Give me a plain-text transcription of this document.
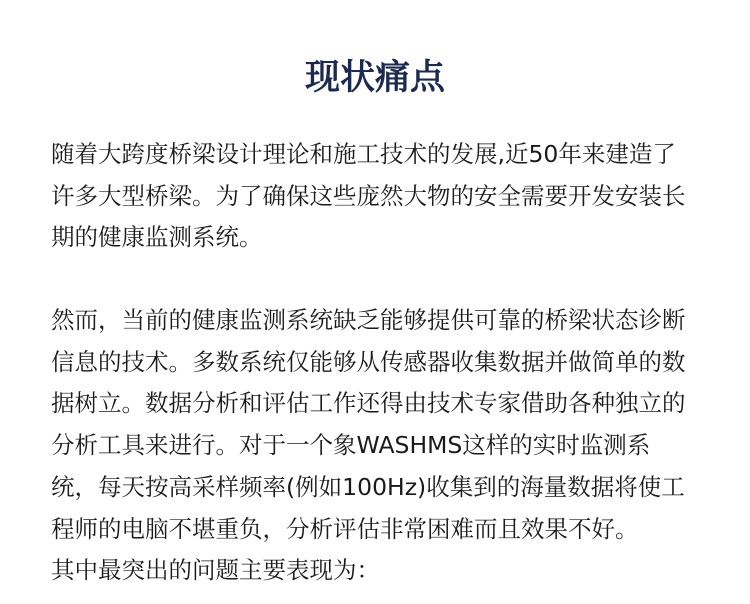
现状痛点
随着大跨度桥梁设计理论和施工技术的发展,近50年来建造了
许多大型桥梁。为了确保这些庞然大物的安全需要开发安装长
期的健康监测系统。
然而，当前的健康监测系统缺乏能够提供可靠的桥梁状态诊断
信息的技术。多数系统仅能够从传感器收集数据并做简单的数
据树立。数据分析和评估工作还得由技术专家借助各种独立的
分析工具来进行。对于一个象WASHMS这样的实时监测系
统，每天按高采样频率(例如100Hz)收集到的海量数据将使工
程师的电脑不堪重负，分析评估非常困难而且效果不好。
其中最突出的问题主要表现为：
